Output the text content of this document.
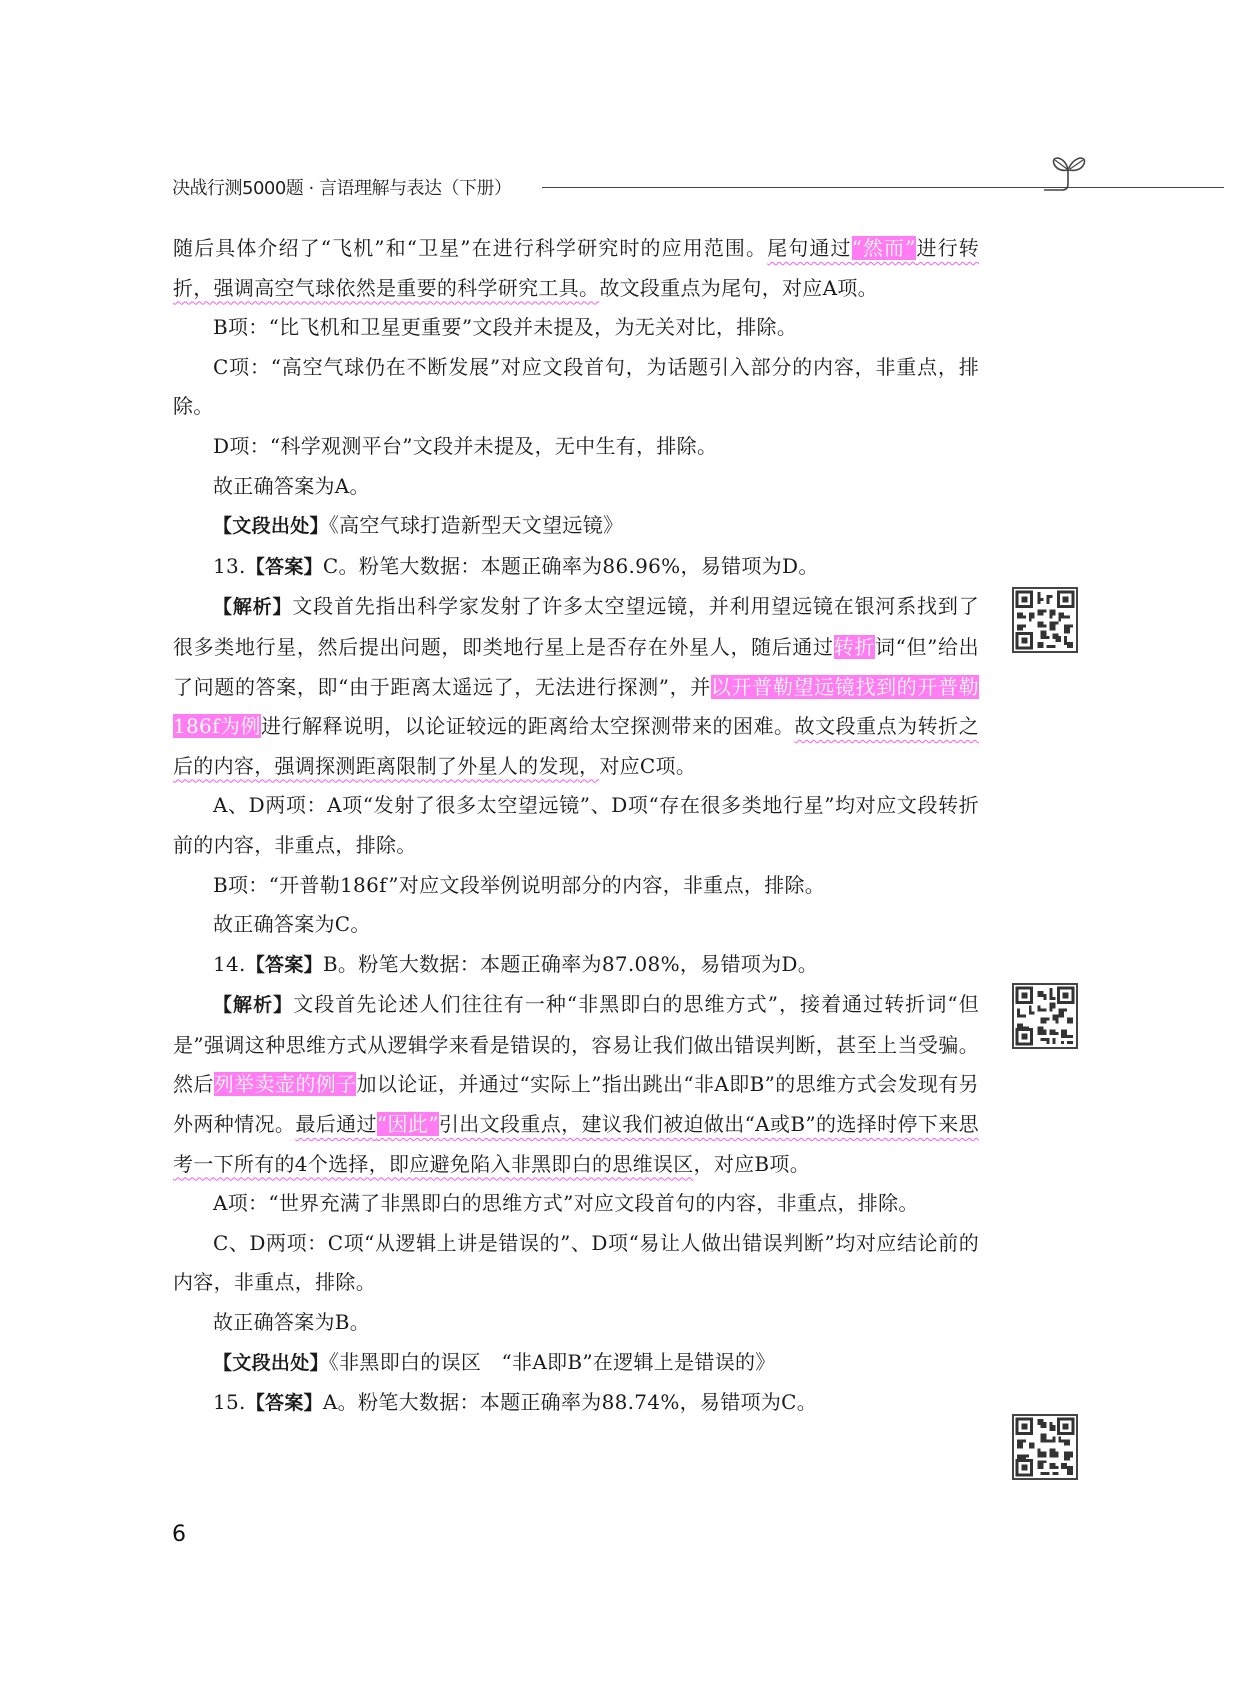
决战行测5000题 · 言语理解与表达（下册）

随后具体介绍了“飞机”和“卫星”在进行科学研究时的应用范围。尾句通过“然而”进行转折，强调高空气球依然是重要的科学研究工具。故文段重点为尾句，对应A项。

B项：“比飞机和卫星更重要”文段并未提及，为无关对比，排除。

C项：“高空气球仍在不断发展”对应文段首句，为话题引入部分的内容，非重点，排除。

D项：“科学观测平台”文段并未提及，无中生有，排除。

故正确答案为A。

【文段出处】《高空气球打造新型天文望远镜》

13.【答案】C。粉笔大数据：本题正确率为86.96%，易错项为D。

【解析】文段首先指出科学家发射了许多太空望远镜，并利用望远镜在银河系找到了很多类地行星，然后提出问题，即类地行星上是否存在外星人，随后通过转折词“但”给出了问题的答案，即“由于距离太遥远了，无法进行探测”，并以开普勒望远镜找到的开普勒186f为例进行解释说明，以论证较远的距离给太空探测带来的困难。故文段重点为转折之后的内容，强调探测距离限制了外星人的发现，对应C项。

A、D两项：A项“发射了很多太空望远镜”、D项“存在很多类地行星”均对应文段转折前的内容，非重点，排除。

B项：“开普勒186f”对应文段举例说明部分的内容，非重点，排除。

故正确答案为C。

14.【答案】B。粉笔大数据：本题正确率为87.08%，易错项为D。

【解析】文段首先论述人们往往有一种“非黑即白的思维方式”，接着通过转折词“但是”强调这种思维方式从逻辑学来看是错误的，容易让我们做出错误判断，甚至上当受骗。然后列举卖壶的例子加以论证，并通过“实际上”指出跳出“非A即B”的思维方式会发现有另外两种情况。最后通过“因此”引出文段重点，建议我们被迫做出“A或B”的选择时停下来思考一下所有的4个选择，即应避免陷入非黑即白的思维误区，对应B项。

A项：“世界充满了非黑即白的思维方式”对应文段首句的内容，非重点，排除。

C、D两项：C项“从逻辑上讲是错误的”、D项“易让人做出错误判断”均对应结论前的内容，非重点，排除。

故正确答案为B。

【文段出处】《非黑即白的误区　“非A即B”在逻辑上是错误的》

15.【答案】A。粉笔大数据：本题正确率为88.74%，易错项为C。

6
